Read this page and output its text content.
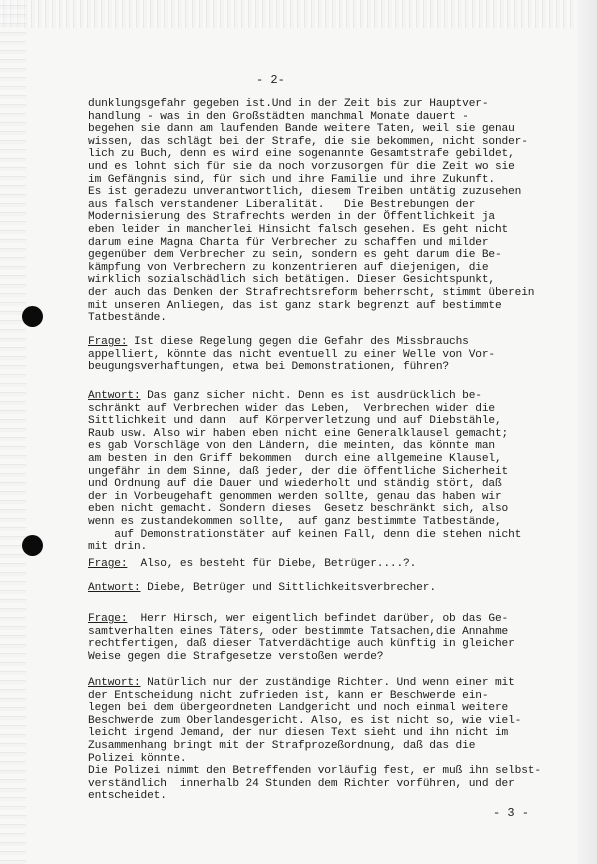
- 2-
dunklungsgefahr gegeben ist.Und in der Zeit bis zur Hauptver-
handlung - was in den Großstädten manchmal Monate dauert -
begehen sie dann am laufenden Bande weitere Taten, weil sie genau
wissen, das schlägt bei der Strafe, die sie bekommen, nicht sonder-
lich zu Buch, denn es wird eine sogenannte Gesamtstrafe gebildet,
und es lohnt sich für sie da noch vorzusorgen für die Zeit wo sie
im Gefängnis sind, für sich und ihre Familie und ihre Zukunft.
Es ist geradezu unverantwortlich, diesem Treiben untätig zuzusehen
aus falsch verstandener Liberalität.   Die Bestrebungen der
Modernisierung des Strafrechts werden in der Öffentlichkeit ja
eben leider in mancherlei Hinsicht falsch gesehen. Es geht nicht
darum eine Magna Charta für Verbrecher zu schaffen und milder
gegenüber dem Verbrecher zu sein, sondern es geht darum die Be-
kämpfung von Verbrechern zu konzentrieren auf diejenigen, die
wirklich sozialschädlich sich betätigen. Dieser Gesichtspunkt,
der auch das Denken der Strafrechtsreform beherrscht, stimmt überein
mit unseren Anliegen, das ist ganz stark begrenzt auf bestimmte
Tatbestände.
Frage: Ist diese Regelung gegen die Gefahr des Missbrauchs
appelliert, könnte das nicht eventuell zu einer Welle von Vor-
beugungsverhaftungen, etwa bei Demonstrationen, führen?
Antwort: Das ganz sicher nicht. Denn es ist ausdrücklich be-
schränkt auf Verbrechen wider das Leben,  Verbrechen wider die
Sittlichkeit und dann  auf Körperverletzung und auf Diebstähle,
Raub usw. Also wir haben eben nicht eine Generalklausel gemacht;
es gab Vorschläge von den Ländern, die meinten, das könnte man
am besten in den Griff bekommen  durch eine allgemeine Klausel,
ungefähr in dem Sinne, daß jeder, der die öffentliche Sicherheit
und Ordnung auf die Dauer und wiederholt und ständig stört, daß
der in Vorbeugehaft genommen werden sollte, genau das haben wir
eben nicht gemacht. Sondern dieses  Gesetz beschränkt sich, also
wenn es zustandekommen sollte,  auf ganz bestimmte Tatbestände,
auf Demonstrationstäter auf keinen Fall, denn die stehen nicht
mit drin.
Frage:  Also, es besteht für Diebe, Betrüger....?.
Antwort: Diebe, Betrüger und Sittlichkeitsverbrecher.
Frage:  Herr Hirsch, wer eigentlich befindet darüber, ob das Ge-
samtverhalten eines Täters, oder bestimmte Tatsachen,die Annahme
rechtfertigen, daß dieser Tatverdächtige auch künftig in gleicher
Weise gegen die Strafgesetze verstoßen werde?
Antwort: Natürlich nur der zuständige Richter. Und wenn einer mit
der Entscheidung nicht zufrieden ist, kann er Beschwerde ein-
legen bei dem übergeordneten Landgericht und noch einmal weitere
Beschwerde zum Oberlandesgericht. Also, es ist nicht so, wie viel-
leicht irgend Jemand, der nur diesen Text sieht und ihn nicht im
Zusammenhang bringt mit der Strafprozeßordnung, daß das die
Polizei könnte.
Die Polizei nimmt den Betreffenden vorläufig fest, er muß ihn selbst-
verständlich  innerhalb 24 Stunden dem Richter vorführen, und der
entscheidet.
- 3 -
